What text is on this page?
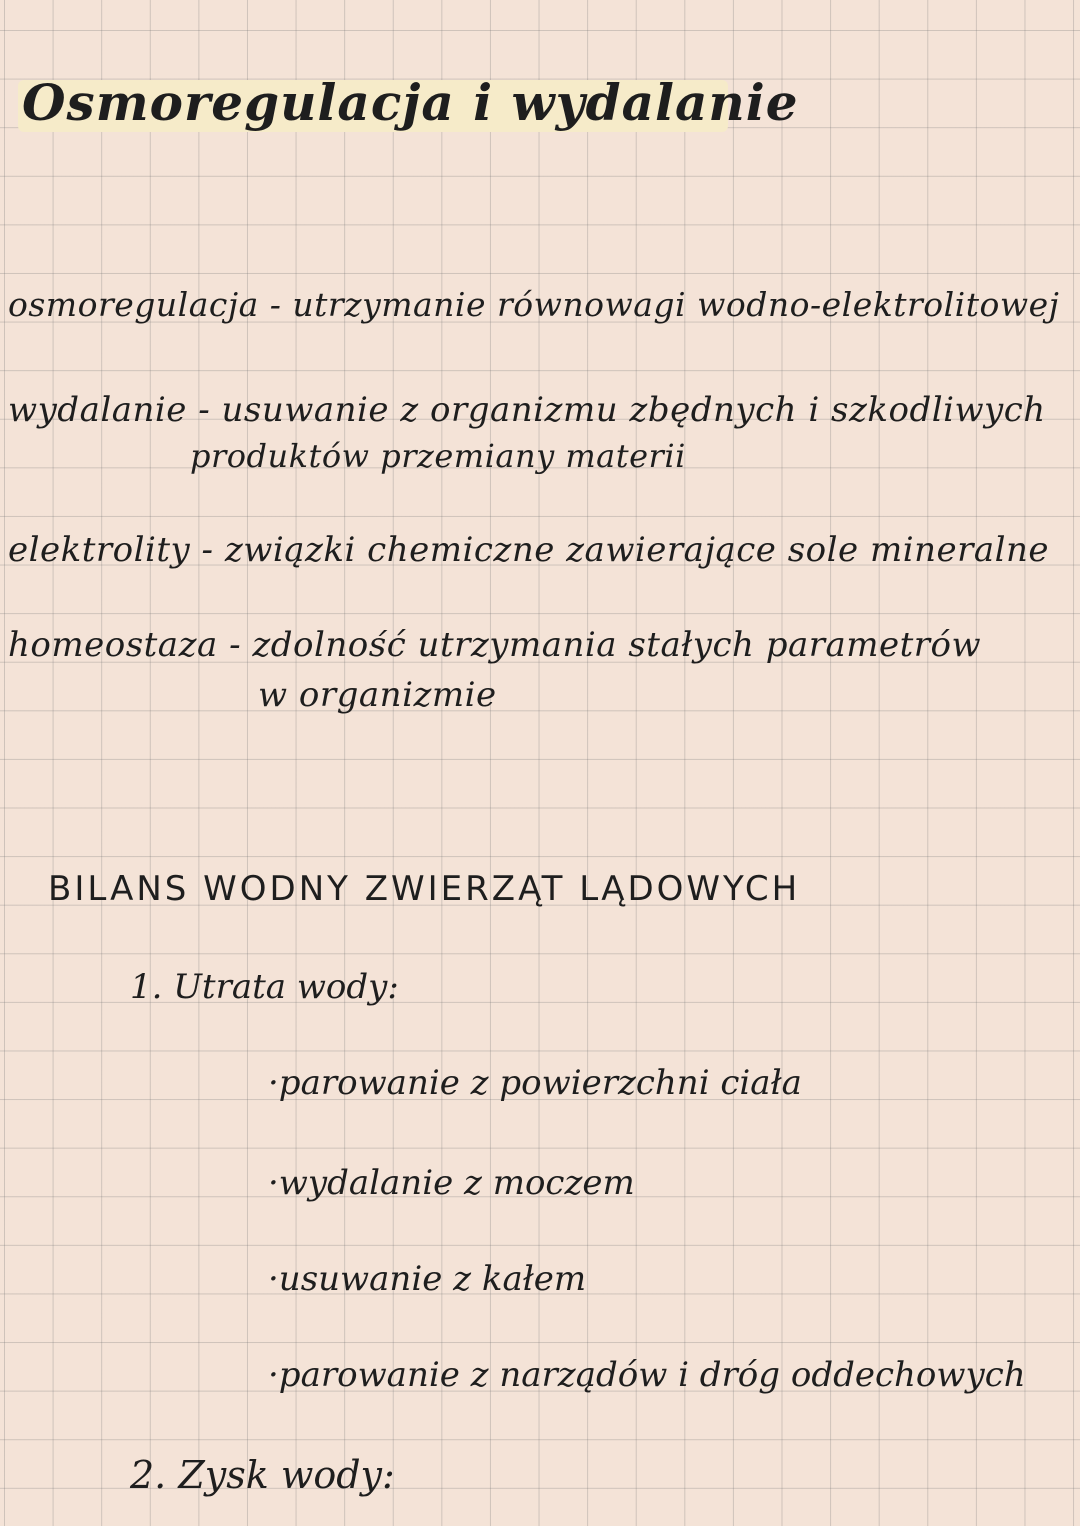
Osmoregulacja i wydalanie
osmoregulacja - utrzymanie równowagi wodno-elektrolitowej
wydalanie - usuwanie z organizmu zbędnych i szkodliwych
produktów przemiany materii
elektrolity - związki chemiczne zawierające sole mineralne
homeostaza - zdolność utrzymania stałych parametrów
w organizmie
BILANS WODNY ZWIERZĄT LĄDOWYCH
1. Utrata wody:
·parowanie z powierzchni ciała
·wydalanie z moczem
·usuwanie z kałem
·parowanie z narządów i dróg oddechowych
2. Zysk wody:
